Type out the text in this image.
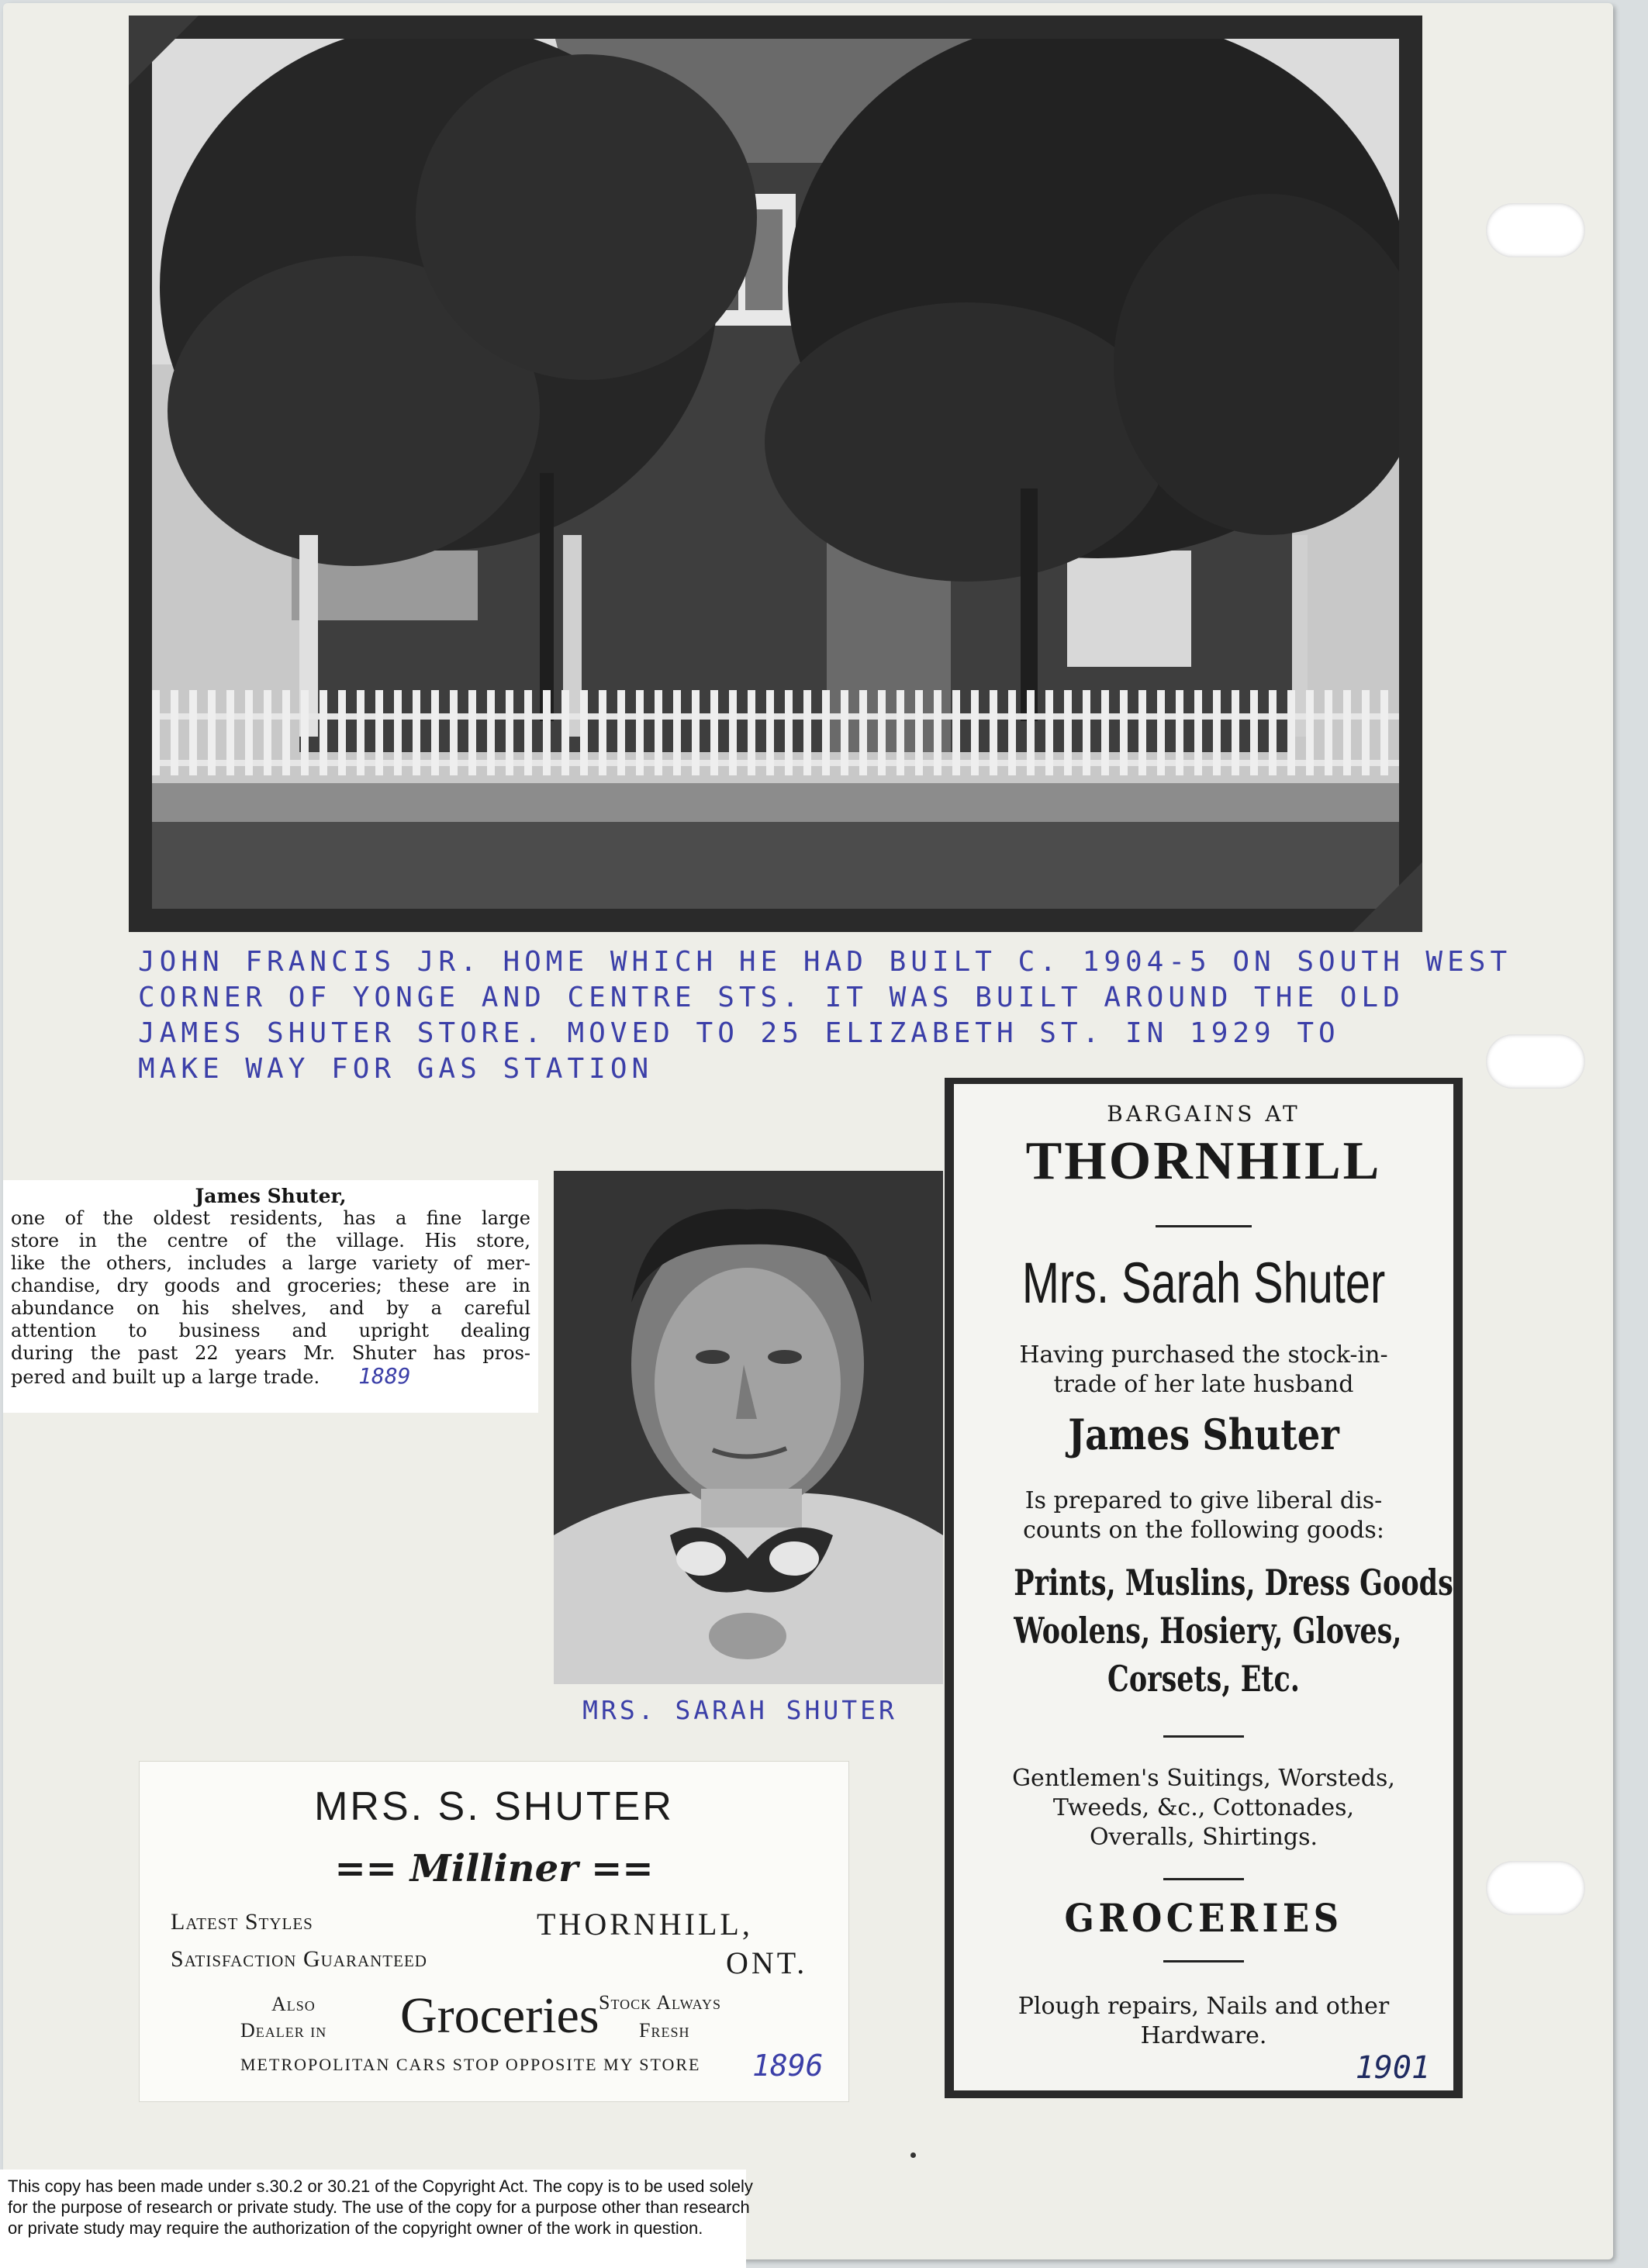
JOHN FRANCIS JR. HOME WHICH HE HAD BUILT C. 1904-5 ON SOUTH WEST
CORNER OF YONGE AND CENTRE STS. IT WAS BUILT AROUND THE OLD
JAMES SHUTER STORE. MOVED TO 25 ELIZABETH ST. IN 1929 TO
MAKE WAY FOR GAS STATION
James Shuter,
one of the oldest residents, has a fine large
store in the centre of the village. His store,
like the others, includes a large variety of mer-
chandise, dry goods and groceries; these are in
abundance on his shelves, and by a careful
attention to business and upright dealing
during the past 22 years Mr. Shuter has pros-
pered and built up a large trade. 1889
MRS. SARAH SHUTER
MRS. S. SHUTER
== Milliner ==
Latest Styles
Satisfaction Guaranteed
THORNHILL,
ONT.
Also
Dealer in Groceries Stock Always
Fresh
METROPOLITAN CARS STOP OPPOSITE MY STORE 1896
BARGAINS AT
THORNHILL
Mrs. Sarah Shuter
Having purchased the stock-in-
trade of her late husband
James Shuter
Is prepared to give liberal dis-
counts on the following goods:
Prints, Muslins, Dress Goods
Woolens, Hosiery, Gloves,
Corsets, Etc.
Gentlemen's Suitings, Worsteds,
Tweeds, &c., Cottonades,
Overalls, Shirtings.
GROCERIES
Plough repairs, Nails and other
Hardware.
1901
This copy has been made under s.30.2 or 30.21 of the Copyright Act. The copy is to be used solely
for the purpose of research or private study. The use of the copy for a purpose other than research
or private study may require the authorization of the copyright owner of the work in question.
